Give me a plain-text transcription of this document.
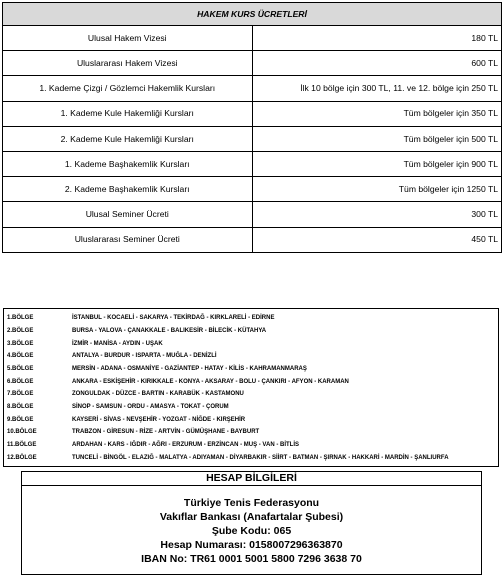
HAKEM KURS ÜCRETLERİ	
Ulusal Hakem Vizesi	180 TL
Uluslararası Hakem Vizesi	600 TL
1. Kademe Çizgi / Gözlemci Hakemlik Kursları	İlk 10 bölge için 300 TL, 11. ve 12. bölge için 250 TL
1. Kademe Kule Hakemliği Kursları	Tüm bölgeler için 350 TL
2. Kademe Kule Hakemliği Kursları	Tüm bölgeler için 500 TL
1. Kademe Başhakemlik Kursları	Tüm bölgeler için 900 TL
2. Kademe Başhakemlik Kursları	Tüm bölgeler için 1250 TL
Ulusal Seminer Ücreti	300 TL
Uluslararası Seminer Ücreti	450 TL
1.BÖLGE	İSTANBUL - KOCAELİ - SAKARYA - TEKİRDAĞ - KIRKLARELİ - EDİRNE
2.BÖLGE	BURSA - YALOVA - ÇANAKKALE - BALIKESİR - BİLECİK - KÜTAHYA
3.BÖLGE	İZMİR - MANİSA - AYDIN - UŞAK
4.BÖLGE	ANTALYA - BURDUR - ISPARTA - MUĞLA - DENİZLİ
5.BÖLGE	MERSİN - ADANA - OSMANİYE - GAZİANTEP - HATAY - KİLİS - KAHRAMANMARAŞ
6.BÖLGE	ANKARA - ESKİŞEHİR - KIRIKKALE - KONYA - AKSARAY - BOLU - ÇANKIRI - AFYON - KARAMAN
7.BÖLGE	ZONGULDAK - DÜZCE - BARTIN - KARABÜK - KASTAMONU
8.BÖLGE	SİNOP - SAMSUN - ORDU - AMASYA - TOKAT - ÇORUM
9.BÖLGE	KAYSERİ - SİVAS - NEVŞEHİR - YOZGAT - NİĞDE - KIRŞEHİR
10.BÖLGE	TRABZON - GİRESUN - RİZE - ARTVİN - GÜMÜŞHANE - BAYBURT
11.BÖLGE	ARDAHAN - KARS - IĞDIR - AĞRI - ERZURUM - ERZİNCAN - MUŞ - VAN - BİTLİS
12.BÖLGE	TUNCELİ - BİNGÖL - ELAZIĞ - MALATYA - ADIYAMAN - DİYARBAKIR - SİİRT - BATMAN - ŞIRNAK - HAKKARİ - MARDİN - ŞANLIURFA
HESAP BİLGİLERİ
Türkiye Tenis Federasyonu
Vakıflar Bankası (Anafartalar Şubesi)
Şube Kodu: 065
Hesap Numarası: 0158007296363870
IBAN No: TR61 0001 5001 5800 7296 3638 70
